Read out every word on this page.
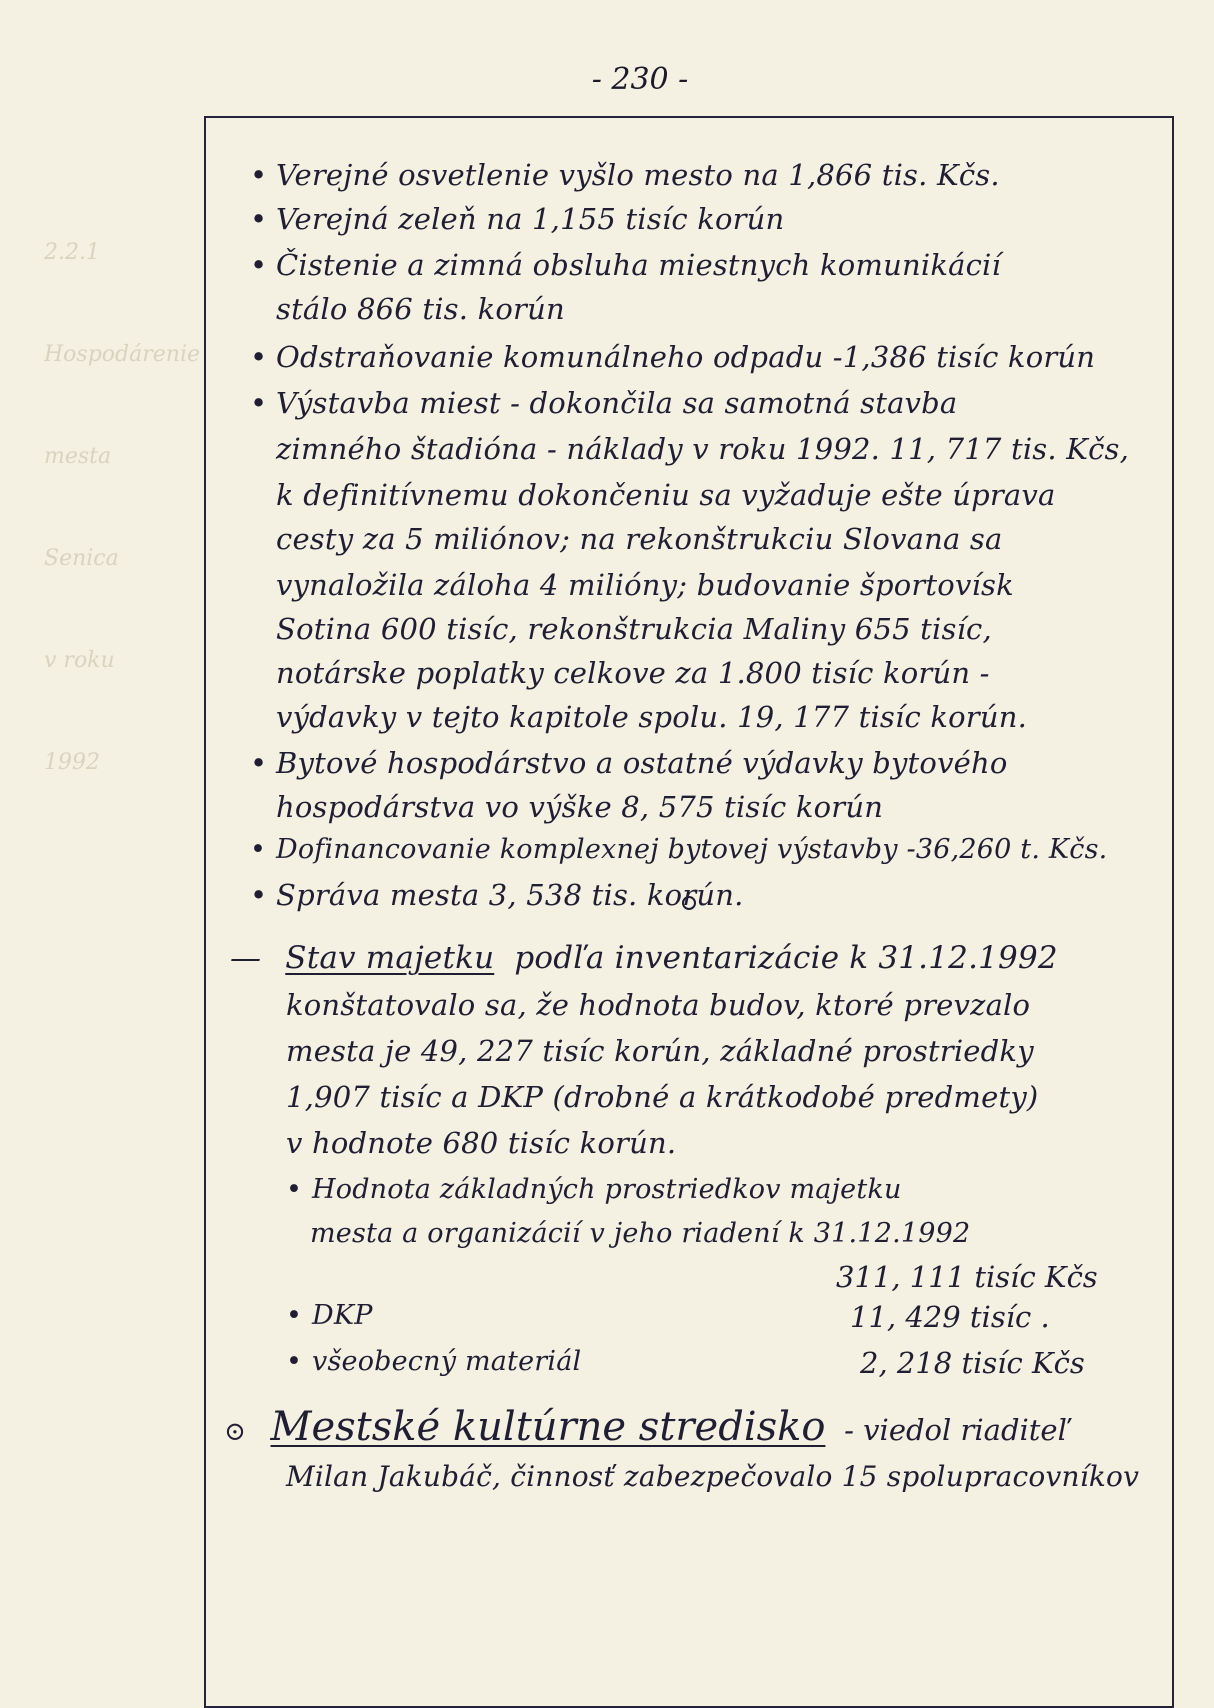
2.2.1

Hospodárenie

mesta

Senica

v roku

1992

- 230 -
• Verejné osvetlenie vyšlo mesto na 1,866 tis. Kčs.
• Verejná zeleň na 1,155 tisíc korún
• Čistenie a zimná obsluha miestnych komunikácií
stálo 866 tis. korún
• Odstraňovanie komunálneho odpadu -1,386 tisíc korún
• Výstavba miest - dokončila sa samotná stavba
zimného štadióna - náklady v roku 1992. 11, 717 tis. Kčs,
k definitívnemu dokončeniu sa vyžaduje ešte úprava
cesty za 5 miliónov; na rekonštrukciu Slovana sa
vynaložila záloha 4 milióny; budovanie športovísk
Sotina 600 tisíc, rekonštrukcia Maliny 655 tisíc,
notárske poplatky celkove za 1.800 tisíc korún -
výdavky v tejto kapitole spolu. 19, 177 tisíc korún.
• Bytové hospodárstvo a ostatné výdavky bytového
hospodárstva vo výške 8, 575 tisíc korún
• Dofinancovanie komplexnej bytovej výstavby -36,260 t. Kčs.
• Správa mesta 3, 538 tis. korún.
— Stav majetku podľa inventarizácie k 31.12.1992
konštatovalo sa, že hodnota budov, ktoré prevzalo
mesta je 49, 227 tisíc korún, základné prostriedky
1,907 tisíc a DKP (drobné a krátkodobé predmety)
v hodnote 680 tisíc korún.
• Hodnota základných prostriedkov majetku
mesta a organizácií v jeho riadení k 31.12.1992
311, 111 tisíc Kčs
• DKP	11, 429 tisíc .
• všeobecný materiál	2, 218 tisíc Kčs
⊙ Mestské kultúrne stredisko - viedol riaditeľ
Milan Jakubáč, činnosť zabezpečovalo 15 spolupracovníkov
